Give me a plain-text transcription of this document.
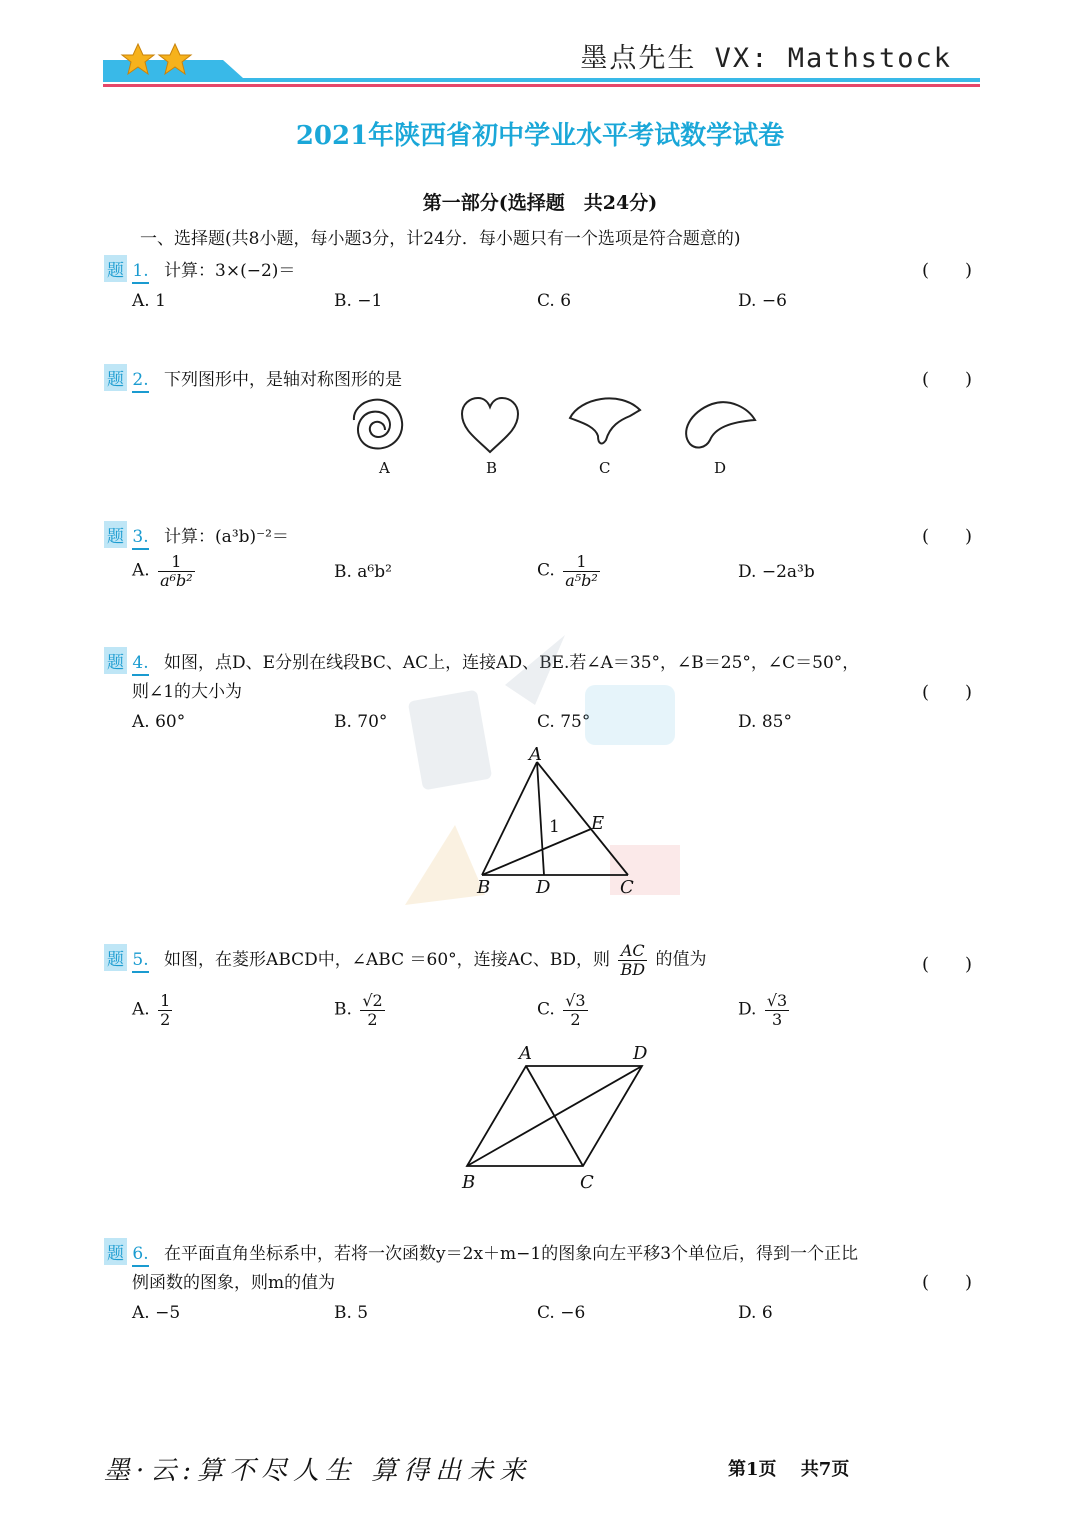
墨点先生 VX: Mathstock
2021年陕西省初中学业水平考试数学试卷
第一部分(选择题　共24分)
一、选择题(共8小题，每小题3分，计24分．每小题只有一个选项是符合题意的)
题 1. 计算：3×(−2)＝	(　　)
A. 1	B. −1	C. 6	D. −6
题 2. 下列图形中，是轴对称图形的是	(　　)
A	B	C	D
题 3. 计算：(a³b)⁻²＝	(　　)
A. $\frac{1}{\text{a⁶b²}}$	B. a⁶b²	C. $\frac{1}{\text{a⁵b²}}$	D. −2a³b
题 4. 如图，点D、E分别在线段BC、AC上，连接AD、BE.若∠A＝35°，∠B＝25°，∠C＝50°，
则∠1的大小为	(　　)
A. 60°	B. 70°	C. 75°	D. 85°
A
B	D	C
E
1
题 5. 如图，在菱形ABCD中，∠ABC ＝60°，连接AC、BD，则 $\frac{AC}{BD}$ 的值为	(　　)
A. $\frac{1}{2}$	B. $\frac{√2}{2}$	C. $\frac{√3}{2}$	D. $\frac{√3}{3}$
A	D
B	C
题 6. 在平面直角坐标系中，若将一次函数y＝2x＋m−1的图象向左平移3个单位后，得到一个正比
例函数的图象，则m的值为	(　　)
A. −5	B. 5	C. −6	D. 6
墨·云:算不尽人生 算得出未来	第1页　 共7页
